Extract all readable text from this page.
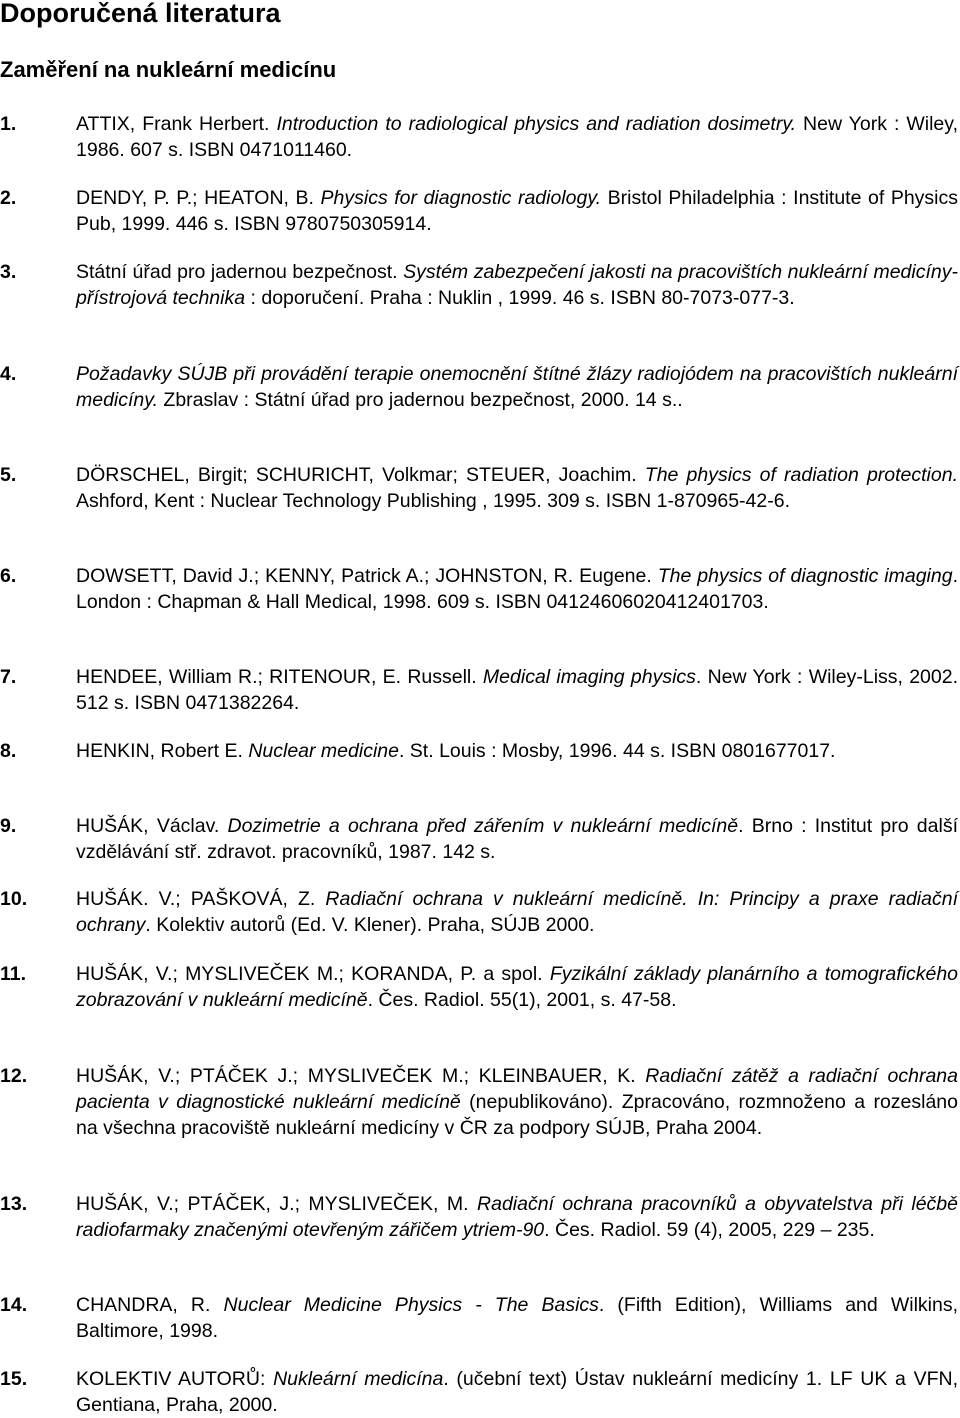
Doporučená literatura
Zaměření na nukleární medicínu
1.	ATTIX, Frank Herbert. Introduction to radiological physics and radiation dosimetry. New York : Wiley, 1986. 607 s. ISBN 0471011460.
2.	DENDY, P. P.; HEATON, B. Physics for diagnostic radiology. Bristol Philadelphia : Institute of Physics Pub, 1999. 446 s. ISBN 9780750305914.
3.	Státní úřad pro jadernou bezpečnost. Systém zabezpečení jakosti na pracovištích nukleární medicíny-přístrojová technika : doporučení. Praha : Nuklin , 1999. 46 s. ISBN 80-7073-077-3.
4.	Požadavky SÚJB při provádění terapie onemocnění štítné žlázy radiojódem na pracovištích nukleární medicíny. Zbraslav : Státní úřad pro jadernou bezpečnost, 2000. 14 s..
5.	DÖRSCHEL, Birgit; SCHURICHT, Volkmar; STEUER, Joachim. The physics of radiation protection. Ashford, Kent : Nuclear Technology Publishing , 1995. 309 s. ISBN 1-870965-42-6.
6.	DOWSETT, David J.; KENNY, Patrick A.; JOHNSTON, R. Eugene. The physics of diagnostic imaging. London : Chapman & Hall Medical, 1998. 609 s. ISBN 04124606020412401703.
7.	HENDEE, William R.; RITENOUR, E. Russell. Medical imaging physics. New York : Wiley-Liss, 2002. 512 s. ISBN 0471382264.
8.	HENKIN, Robert E. Nuclear medicine. St. Louis : Mosby, 1996. 44 s. ISBN 0801677017.
9.	HUŠÁK, Václav. Dozimetrie a ochrana před zářením v nukleární medicíně. Brno : Institut pro další vzdělávání stř. zdravot. pracovníků, 1987. 142 s.
10.	HUŠÁK. V.; PAŠKOVÁ, Z. Radiační ochrana v nukleární medicíně. In: Principy a praxe radiační ochrany. Kolektiv autorů (Ed. V. Klener). Praha, SÚJB 2000.
11.	HUŠÁK, V.; MYSLIVEČEK M.; KORANDA, P. a spol. Fyzikální základy planárního a tomografického zobrazování v nukleární medicíně. Čes. Radiol. 55(1), 2001, s. 47-58.
12.	HUŠÁK, V.; PTÁČEK J.; MYSLIVEČEK M.; KLEINBAUER, K. Radiační zátěž a radiační ochrana pacienta v diagnostické nukleární medicíně (nepublikováno). Zpracováno, rozmnoženo a rozesláno na všechna pracoviště nukleární medicíny v ČR za podpory SÚJB, Praha 2004.
13.	HUŠÁK, V.; PTÁČEK, J.; MYSLIVEČEK, M. Radiační ochrana pracovníků a obyvatelstva při léčbě radiofarmaky značenými otevřeným zářičem ytriem-90. Čes. Radiol. 59 (4), 2005, 229 – 235.
14.	CHANDRA, R. Nuclear Medicine Physics - The Basics. (Fifth Edition), Williams and Wilkins, Baltimore, 1998.
15.	KOLEKTIV AUTORŮ: Nukleární medicína. (učební text) Ústav nukleární medicíny 1. LF UK a VFN, Gentiana, Praha, 2000.
